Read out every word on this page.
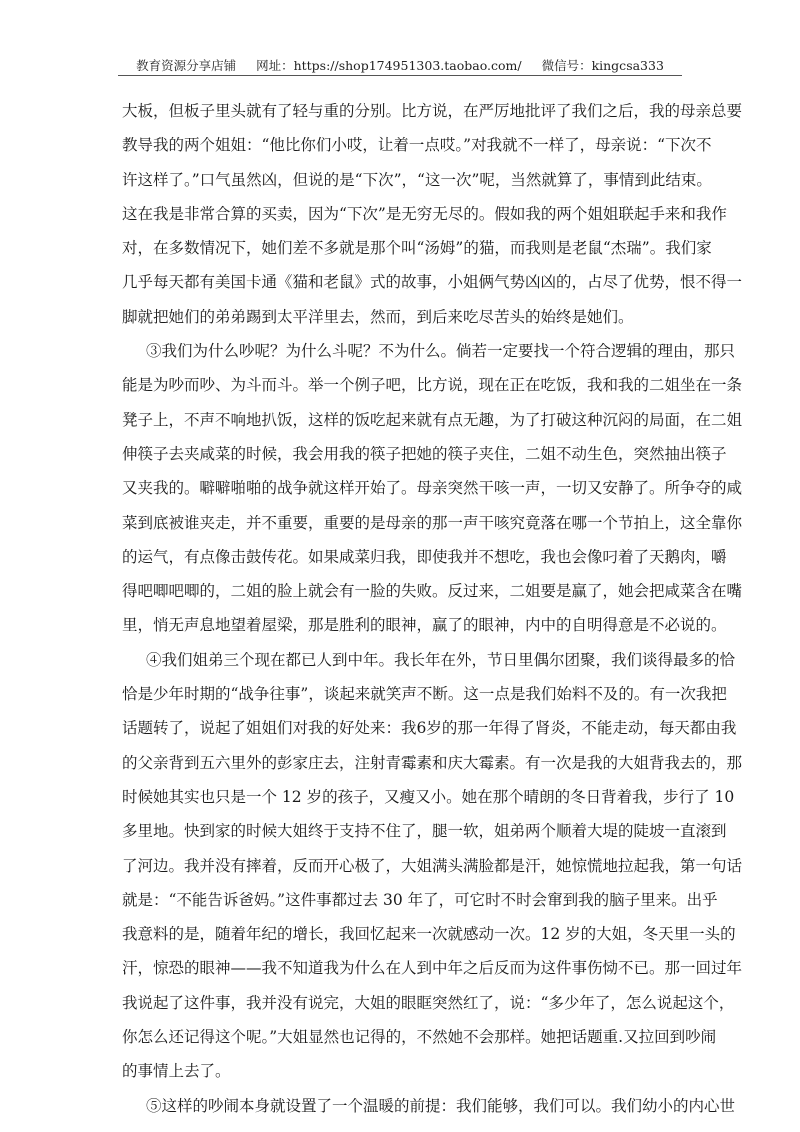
教育资源分享店铺 网址：https://shop174951303.taobao.com/ 微信号：kingcsa333

大板，但板子里头就有了轻与重的分别。比方说，在严厉地批评了我们之后，我的母亲总要
教导我的两个姐姐：“他比你们小哎，让着一点哎。”对我就不一样了，母亲说：“下次不
许这样了。”口气虽然凶，但说的是“下次”，“这一次”呢，当然就算了，事情到此结束。
这在我是非常合算的买卖，因为“下次”是无穷无尽的。假如我的两个姐姐联起手来和我作
对，在多数情况下，她们差不多就是那个叫“汤姆”的猫，而我则是老鼠“杰瑞”。我们家
几乎每天都有美国卡通《猫和老鼠》式的故事，小姐俩气势凶凶的，占尽了优势，恨不得一
脚就把她们的弟弟踢到太平洋里去，然而，到后来吃尽苦头的始终是她们。

③我们为什么吵呢？为什么斗呢？不为什么。倘若一定要找一个符合逻辑的理由，那只
能是为吵而吵、为斗而斗。举一个例子吧，比方说，现在正在吃饭，我和我的二姐坐在一条
凳子上，不声不响地扒饭，这样的饭吃起来就有点无趣，为了打破这种沉闷的局面，在二姐
伸筷子去夹咸菜的时候，我会用我的筷子把她的筷子夹住，二姐不动生色，突然抽出筷子
又夹我的。噼噼啪啪的战争就这样开始了。母亲突然干咳一声，一切又安静了。所争夺的咸
菜到底被谁夹走，并不重要，重要的是母亲的那一声干咳究竟落在哪一个节拍上，这全靠你
的运气，有点像击鼓传花。如果咸菜归我，即使我并不想吃，我也会像叼着了天鹅肉，嚼
得吧唧吧唧的，二姐的脸上就会有一脸的失败。反过来，二姐要是赢了，她会把咸菜含在嘴
里，悄无声息地望着屋梁，那是胜利的眼神，赢了的眼神，内中的自明得意是不必说的。

④我们姐弟三个现在都已人到中年。我长年在外，节日里偶尔团聚，我们谈得最多的恰
恰是少年时期的“战争往事”，谈起来就笑声不断。这一点是我们始料不及的。有一次我把
话题转了，说起了姐姐们对我的好处来：我6岁的那一年得了肾炎，不能走动，每天都由我
的父亲背到五六里外的彭家庄去，注射青霉素和庆大霉素。有一次是我的大姐背我去的，那
时候她其实也只是一个 12 岁的孩子，又瘦又小。她在那个晴朗的冬日背着我，步行了 10
多里地。快到家的时候大姐终于支持不住了，腿一软，姐弟两个顺着大堤的陡坡一直滚到
了河边。我并没有摔着，反而开心极了，大姐满头满脸都是汗，她惊慌地拉起我，第一句话
就是：“不能告诉爸妈。”这件事都过去 30 年了，可它时不时会窜到我的脑子里来。出乎
我意料的是，随着年纪的增长，我回忆起来一次就感动一次。12 岁的大姐，冬天里一头的
汗，惊恐的眼神——我不知道我为什么在人到中年之后反而为这件事伤恸不已。那一回过年
我说起了这件事，我并没有说完，大姐的眼眶突然红了，说：“多少年了，怎么说起这个，
你怎么还记得这个呢。”大姐显然也记得的，不然她不会那样。她把话题重.又拉回到吵闹
的事情上去了。

⑤这样的吵闹本身就设置了一个温暖的前提：我们能够，我们可以。我们幼小的内心世
